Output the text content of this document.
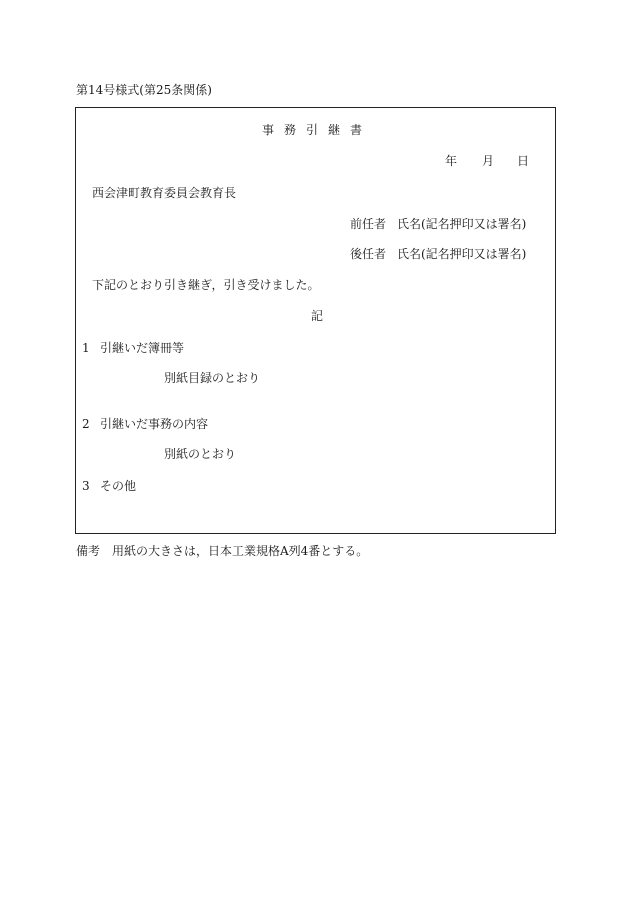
第14号様式(第25条関係)
事務引継書
年 月 日
西会津町教育委員会教育長
前任者 氏名(記名押印又は署名)
後任者 氏名(記名押印又は署名)
下記のとおり引き継ぎ，引き受けました。
記
1 引継いだ簿冊等
別紙目録のとおり
2 引継いだ事務の内容
別紙のとおり
3 その他
備考　用紙の大きさは，日本工業規格A列4番とする。
